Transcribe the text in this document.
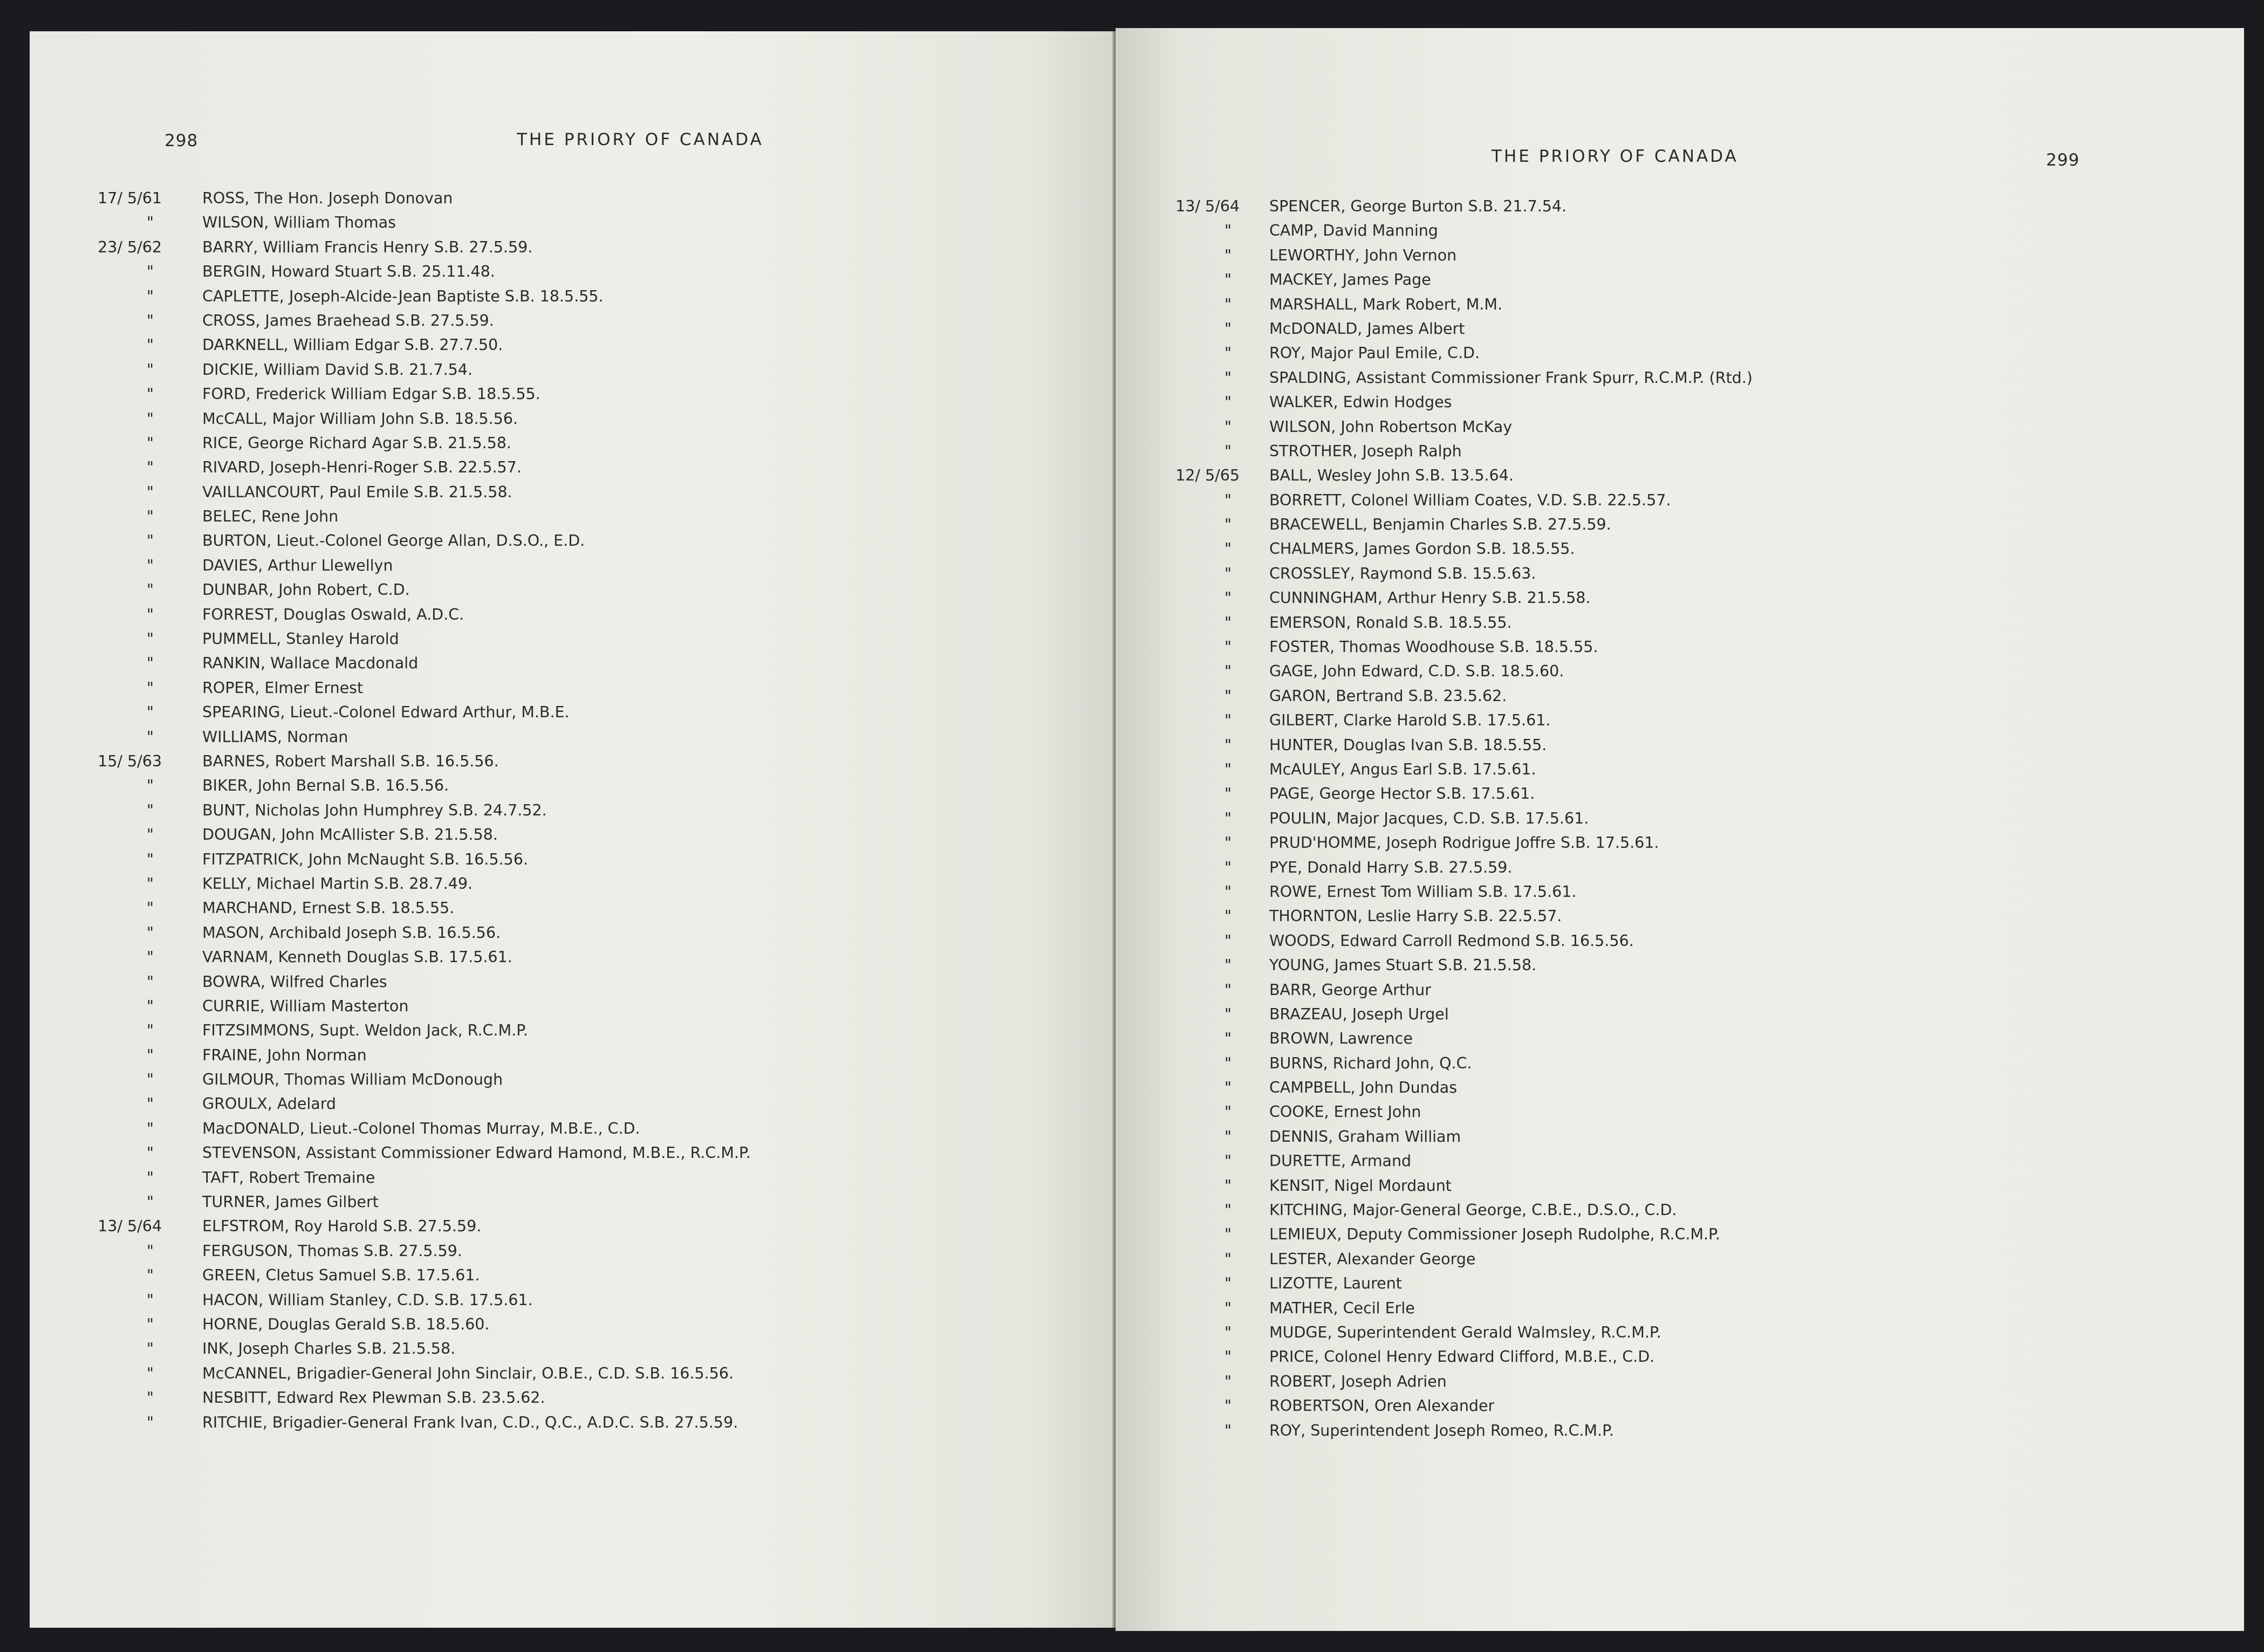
298	THE PRIORY OF CANADA
17/ 5/61	ROSS, The Hon. Joseph Donovan
"	WILSON, William Thomas
23/ 5/62	BARRY, William Francis Henry S.B. 27.5.59.
"	BERGIN, Howard Stuart S.B. 25.11.48.
"	CAPLETTE, Joseph-Alcide-Jean Baptiste S.B. 18.5.55.
"	CROSS, James Braehead S.B. 27.5.59.
"	DARKNELL, William Edgar S.B. 27.7.50.
"	DICKIE, William David S.B. 21.7.54.
"	FORD, Frederick William Edgar S.B. 18.5.55.
"	McCALL, Major William John S.B. 18.5.56.
"	RICE, George Richard Agar S.B. 21.5.58.
"	RIVARD, Joseph-Henri-Roger S.B. 22.5.57.
"	VAILLANCOURT, Paul Emile S.B. 21.5.58.
"	BELEC, Rene John
"	BURTON, Lieut.-Colonel George Allan, D.S.O., E.D.
"	DAVIES, Arthur Llewellyn
"	DUNBAR, John Robert, C.D.
"	FORREST, Douglas Oswald, A.D.C.
"	PUMMELL, Stanley Harold
"	RANKIN, Wallace Macdonald
"	ROPER, Elmer Ernest
"	SPEARING, Lieut.-Colonel Edward Arthur, M.B.E.
"	WILLIAMS, Norman
15/ 5/63	BARNES, Robert Marshall S.B. 16.5.56.
"	BIKER, John Bernal S.B. 16.5.56.
"	BUNT, Nicholas John Humphrey S.B. 24.7.52.
"	DOUGAN, John McAllister S.B. 21.5.58.
"	FITZPATRICK, John McNaught S.B. 16.5.56.
"	KELLY, Michael Martin S.B. 28.7.49.
"	MARCHAND, Ernest S.B. 18.5.55.
"	MASON, Archibald Joseph S.B. 16.5.56.
"	VARNAM, Kenneth Douglas S.B. 17.5.61.
"	BOWRA, Wilfred Charles
"	CURRIE, William Masterton
"	FITZSIMMONS, Supt. Weldon Jack, R.C.M.P.
"	FRAINE, John Norman
"	GILMOUR, Thomas William McDonough
"	GROULX, Adelard
"	MacDONALD, Lieut.-Colonel Thomas Murray, M.B.E., C.D.
"	STEVENSON, Assistant Commissioner Edward Hamond, M.B.E., R.C.M.P.
"	TAFT, Robert Tremaine
"	TURNER, James Gilbert
13/ 5/64	ELFSTROM, Roy Harold S.B. 27.5.59.
"	FERGUSON, Thomas S.B. 27.5.59.
"	GREEN, Cletus Samuel S.B. 17.5.61.
"	HACON, William Stanley, C.D. S.B. 17.5.61.
"	HORNE, Douglas Gerald S.B. 18.5.60.
"	INK, Joseph Charles S.B. 21.5.58.
"	McCANNEL, Brigadier-General John Sinclair, O.B.E., C.D. S.B. 16.5.56.
"	NESBITT, Edward Rex Plewman S.B. 23.5.62.
"	RITCHIE, Brigadier-General Frank Ivan, C.D., Q.C., A.D.C. S.B. 27.5.59.
299
THE PRIORY OF CANADA
13/ 5/64 SPENCER, George Burton S.B. 21.7.54.
" CAMP, David Manning
" LEWORTHY, John Vernon
" MACKEY, James Page
" MARSHALL, Mark Robert, M.M.
" McDONALD, James Albert
" ROY, Major Paul Emile, C.D.
" SPALDING, Assistant Commissioner Frank Spurr, R.C.M.P. (Rtd.)
" WALKER, Edwin Hodges
" WILSON, John Robertson McKay
" STROTHER, Joseph Ralph
12/ 5/65 BALL, Wesley John S.B. 13.5.64.
" BORRETT, Colonel William Coates, V.D. S.B. 22.5.57.
" BRACEWELL, Benjamin Charles S.B. 27.5.59.
" CHALMERS, James Gordon S.B. 18.5.55.
" CROSSLEY, Raymond S.B. 15.5.63.
" CUNNINGHAM, Arthur Henry S.B. 21.5.58.
" EMERSON, Ronald S.B. 18.5.55.
" FOSTER, Thomas Woodhouse S.B. 18.5.55.
" GAGE, John Edward, C.D. S.B. 18.5.60.
" GARON, Bertrand S.B. 23.5.62.
" GILBERT, Clarke Harold S.B. 17.5.61.
" HUNTER, Douglas Ivan S.B. 18.5.55.
" McAULEY, Angus Earl S.B. 17.5.61.
" PAGE, George Hector S.B. 17.5.61.
" POULIN, Major Jacques, C.D. S.B. 17.5.61.
" PRUD'HOMME, Joseph Rodrigue Joffre S.B. 17.5.61.
" PYE, Donald Harry S.B. 27.5.59.
" ROWE, Ernest Tom William S.B. 17.5.61.
" THORNTON, Leslie Harry S.B. 22.5.57.
" WOODS, Edward Carroll Redmond S.B. 16.5.56.
" YOUNG, James Stuart S.B. 21.5.58.
" BARR, George Arthur
" BRAZEAU, Joseph Urgel
" BROWN, Lawrence
" BURNS, Richard John, Q.C.
" CAMPBELL, John Dundas
" COOKE, Ernest John
" DENNIS, Graham William
" DURETTE, Armand
" KENSIT, Nigel Mordaunt
" KITCHING, Major-General George, C.B.E., D.S.O., C.D.
" LEMIEUX, Deputy Commissioner Joseph Rudolphe, R.C.M.P.
" LESTER, Alexander George
" LIZOTTE, Laurent
" MATHER, Cecil Erle
" MUDGE, Superintendent Gerald Walmsley, R.C.M.P.
" PRICE, Colonel Henry Edward Clifford, M.B.E., C.D.
" ROBERT, Joseph Adrien
" ROBERTSON, Oren Alexander
" ROY, Superintendent Joseph Romeo, R.C.M.P.
